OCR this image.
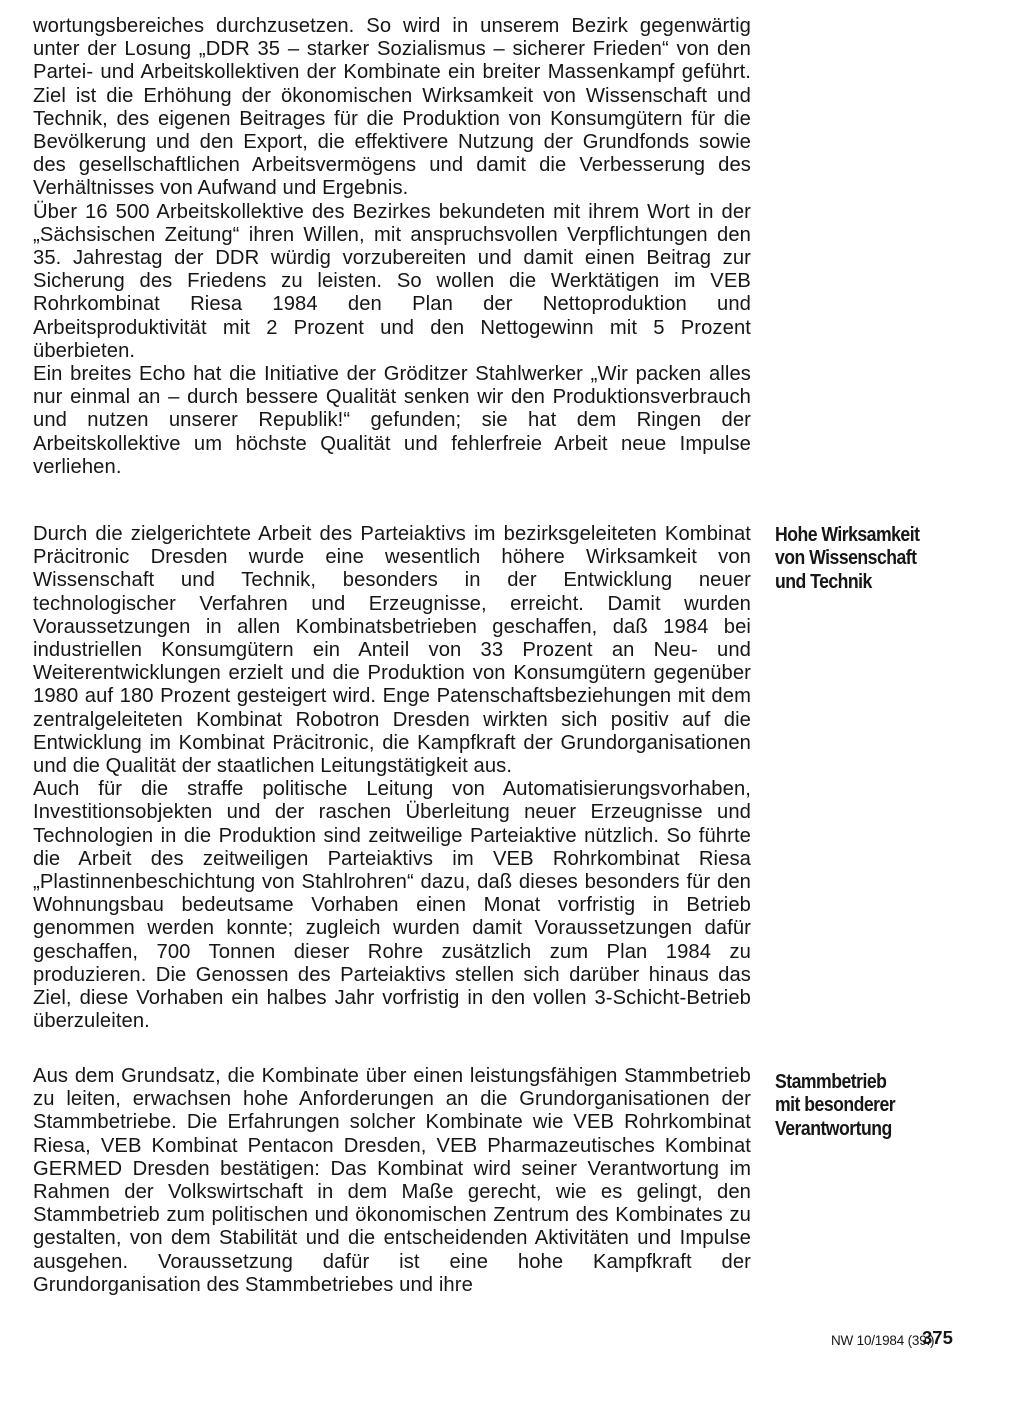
wortungsbereiches durchzusetzen. So wird in unserem Bezirk gegenwärtig unter der Losung „DDR 35 – starker Sozialismus – sicherer Frieden“ von den Partei- und Arbeitskollektiven der Kombinate ein breiter Massenkampf geführt. Ziel ist die Erhöhung der ökonomischen Wirksamkeit von Wissenschaft und Technik, des eigenen Beitrages für die Produktion von Konsumgütern für die Bevölkerung und den Export, die effektivere Nutzung der Grundfonds sowie des gesellschaftlichen Arbeitsvermögens und damit die Verbesserung des Verhältnisses von Aufwand und Ergebnis.

Über 16 500 Arbeitskollektive des Bezirkes bekundeten mit ihrem Wort in der „Sächsischen Zeitung“ ihren Willen, mit anspruchsvollen Verpflichtungen den 35. Jahrestag der DDR würdig vorzubereiten und damit einen Beitrag zur Sicherung des Friedens zu leisten. So wollen die Werktätigen im VEB Rohrkombinat Riesa 1984 den Plan der Nettoproduktion und Arbeitsproduktivität mit 2 Prozent und den Nettogewinn mit 5 Prozent überbieten.

Ein breites Echo hat die Initiative der Gröditzer Stahlwerker „Wir packen alles nur einmal an – durch bessere Qualität senken wir den Produktionsverbrauch und nutzen unserer Republik!“ gefunden; sie hat dem Ringen der Arbeitskollektive um höchste Qualität und fehlerfreie Arbeit neue Impulse verliehen.

Hohe Wirksamkeit
von Wissenschaft
und Technik

Durch die zielgerichtete Arbeit des Parteiaktivs im bezirksgeleiteten Kombinat Präcitronic Dresden wurde eine wesentlich höhere Wirksamkeit von Wissenschaft und Technik, besonders in der Entwicklung neuer technologischer Verfahren und Erzeugnisse, erreicht. Damit wurden Voraussetzungen in allen Kombinatsbetrieben geschaffen, daß 1984 bei industriellen Konsumgütern ein Anteil von 33 Prozent an Neu- und Weiterentwicklungen erzielt und die Produktion von Konsumgütern gegenüber 1980 auf 180 Prozent gesteigert wird. Enge Patenschaftsbeziehungen mit dem zentralgeleiteten Kombinat Robotron Dresden wirkten sich positiv auf die Entwicklung im Kombinat Präcitronic, die Kampfkraft der Grundorganisationen und die Qualität der staatlichen Leitungstätigkeit aus.

Auch für die straffe politische Leitung von Automatisierungsvorhaben, Investitionsobjekten und der raschen Überleitung neuer Erzeugnisse und Technologien in die Produktion sind zeitweilige Parteiaktive nützlich. So führte die Arbeit des zeitweiligen Parteiaktivs im VEB Rohrkombinat Riesa „Plastinnenbeschichtung von Stahlrohren“ dazu, daß dieses besonders für den Wohnungsbau bedeutsame Vorhaben einen Monat vorfristig in Betrieb genommen werden konnte; zugleich wurden damit Voraussetzungen dafür geschaffen, 700 Tonnen dieser Rohre zusätzlich zum Plan 1984 zu produzieren. Die Genossen des Parteiaktivs stellen sich darüber hinaus das Ziel, diese Vorhaben ein halbes Jahr vorfristig in den vollen 3-Schicht-Betrieb überzuleiten.

Stammbetrieb
mit besonderer
Verantwortung

Aus dem Grundsatz, die Kombinate über einen leistungsfähigen Stammbetrieb zu leiten, erwachsen hohe Anforderungen an die Grundorganisationen der Stammbetriebe. Die Erfahrungen solcher Kombinate wie VEB Rohrkombinat Riesa, VEB Kombinat Pentacon Dresden, VEB Pharmazeutisches Kombinat GERMED Dresden bestätigen: Das Kombinat wird seiner Verantwortung im Rahmen der Volkswirtschaft in dem Maße gerecht, wie es gelingt, den Stammbetrieb zum politischen und ökonomischen Zentrum des Kombinates zu gestalten, von dem Stabilität und die entscheidenden Aktivitäten und Impulse ausgehen. Voraussetzung dafür ist eine hohe Kampfkraft der Grundorganisation des Stammbetriebes und ihre

NW 10/1984 (39.)
375
